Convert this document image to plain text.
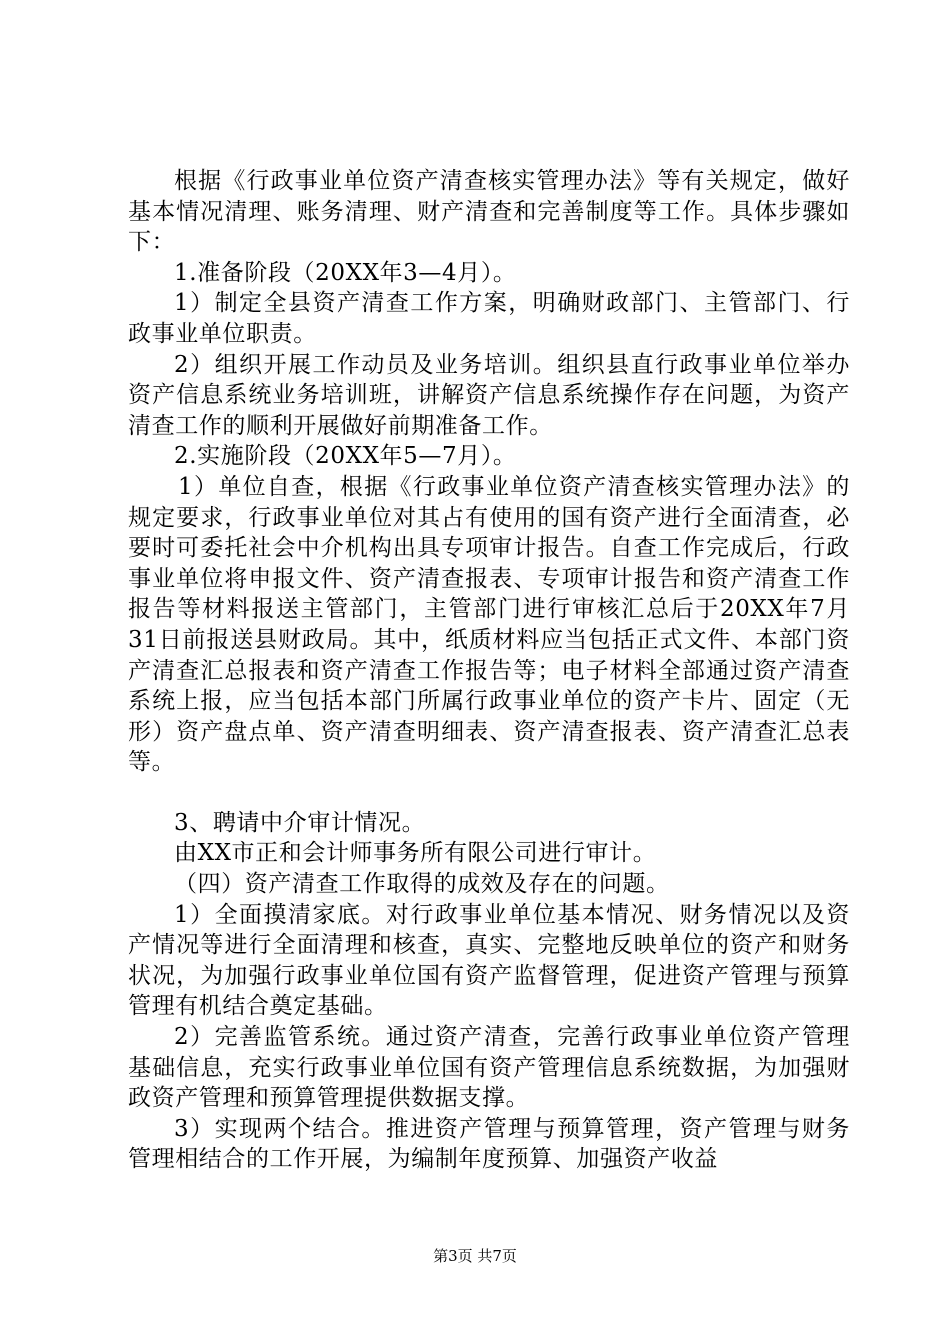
根据《行政事业单位资产清查核实管理办法》等有关规定，做好基本情况清理、账务清理、财产清查和完善制度等工作。具体步骤如下：

1.准备阶段（20XX年3—4月）。

1）制定全县资产清查工作方案，明确财政部门、主管部门、行政事业单位职责。

2）组织开展工作动员及业务培训。组织县直行政事业单位举办资产信息系统业务培训班，讲解资产信息系统操作存在问题，为资产清查工作的顺利开展做好前期准备工作。

2.实施阶段（20XX年5—7月）。

1）单位自查，根据《行政事业单位资产清查核实管理办法》的规定要求，行政事业单位对其占有使用的国有资产进行全面清查，必要时可委托社会中介机构出具专项审计报告。自查工作完成后，行政事业单位将申报文件、资产清查报表、专项审计报告和资产清查工作报告等材料报送主管部门，主管部门进行审核汇总后于20XX年7月31日前报送县财政局。其中，纸质材料应当包括正式文件、本部门资产清查汇总报表和资产清查工作报告等；电子材料全部通过资产清查系统上报，应当包括本部门所属行政事业单位的资产卡片、固定（无形）资产盘点单、资产清查明细表、资产清查报表、资产清查汇总表等。

3、聘请中介审计情况。

由XX市正和会计师事务所有限公司进行审计。

（四）资产清查工作取得的成效及存在的问题。

1）全面摸清家底。对行政事业单位基本情况、财务情况以及资产情况等进行全面清理和核查，真实、完整地反映单位的资产和财务状况，为加强行政事业单位国有资产监督管理，促进资产管理与预算管理有机结合奠定基础。

2）完善监管系统。通过资产清查，完善行政事业单位资产管理基础信息，充实行政事业单位国有资产管理信息系统数据，为加强财政资产管理和预算管理提供数据支撑。

3）实现两个结合。推进资产管理与预算管理，资产管理与财务管理相结合的工作开展，为编制年度预算、加强资产收益

第3页 共7页
